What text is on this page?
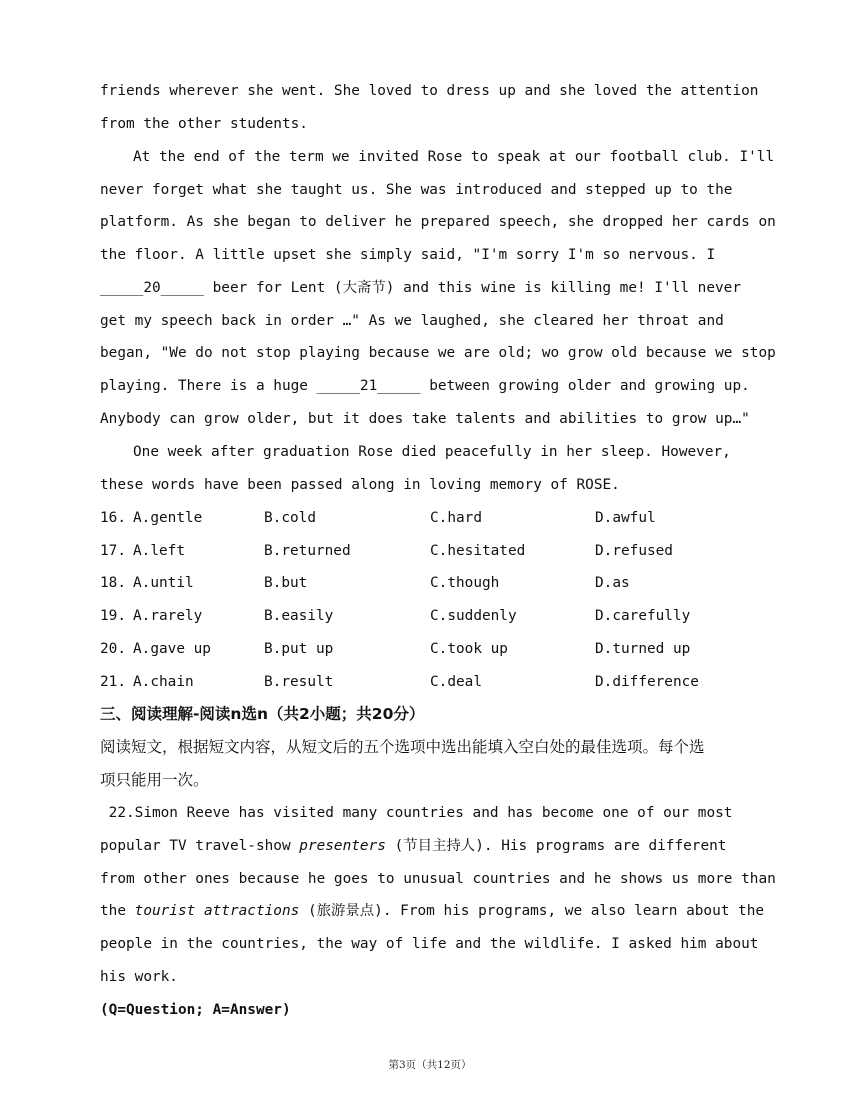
friends wherever she went. She loved to dress up and she loved the attention
from the other students.
At the end of the term we invited Rose to speak at our football club. I'll
never forget what she taught us. She was introduced and stepped up to the
platform. As she began to deliver he prepared speech, she dropped her cards on
the floor. A little upset she simply said, "I'm sorry I'm so nervous. I
_____20_____ beer for Lent (大斋节) and this wine is killing me! I'll never
get my speech back in order …" As we laughed, she cleared her throat and
began, "We do not stop playing because we are old; wo grow old because we stop
playing. There is a huge _____21_____ between growing older and growing up.
Anybody can grow older, but it does take talents and abilities to grow up…"
One week after graduation Rose died peacefully in her sleep. However,
these words have been passed along in loving memory of ROSE.
16. A.gentle	B.cold	C.hard	D.awful
17. A.left	B.returned	C.hesitated	D.refused
18. A.until	B.but	C.though	D.as
19. A.rarely	B.easily	C.suddenly	D.carefully
20. A.gave up	B.put up	C.took up	D.turned up
21. A.chain	B.result	C.deal	D.difference
三、阅读理解-阅读n选n（共2小题；共20分）
阅读短文，根据短文内容，从短文后的五个选项中选出能填入空白处的最佳选项。每个选
项只能用一次。
22.Simon Reeve has visited many countries and has become one of our most
popular TV travel-show presenters (节目主持人). His programs are different
from other ones because he goes to unusual countries and he shows us more than
the tourist attractions (旅游景点). From his programs, we also learn about the
people in the countries, the way of life and the wildlife. I asked him about
his work.
(Q=Question; A=Answer)
第3页（共12页）
